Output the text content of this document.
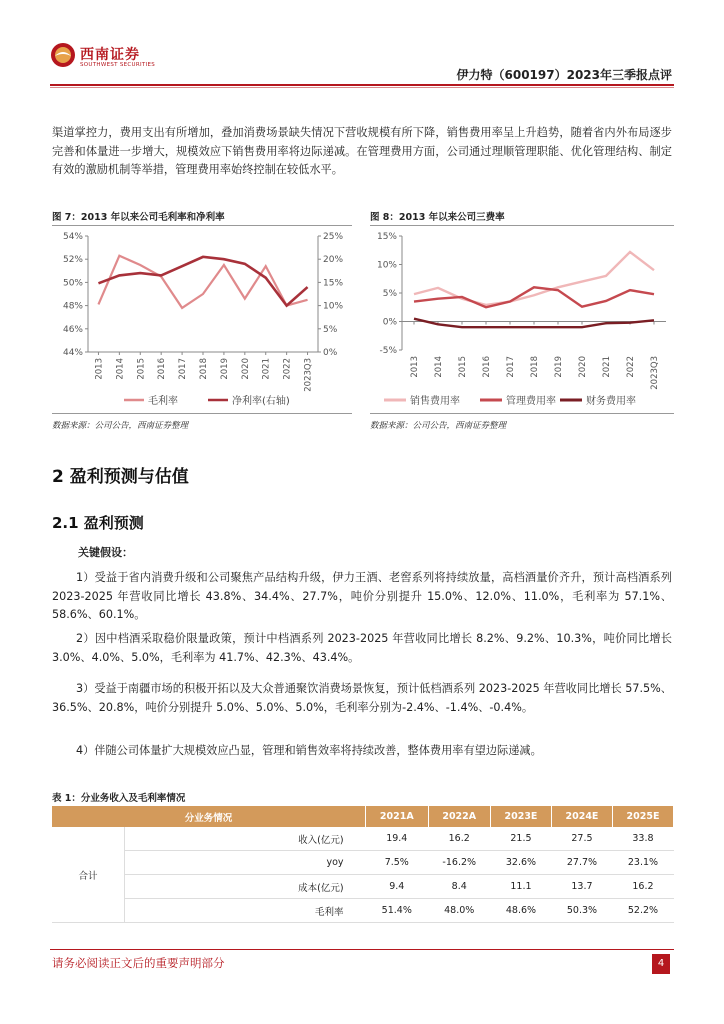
西南证券
SOUTHWEST SECURITIES
伊力特（600197）2023年三季报点评
渠道掌控力，费用支出有所增加，叠加消费场景缺失情况下营收规模有所下降，销售费用率呈上升趋势，随着省内外布局逐步完善和体量进一步增大，规模效应下销售费用率将边际递减。在管理费用方面，公司通过理顺管理职能、优化管理结构、制定有效的激励机制等举措，管理费用率始终控制在较低水平。
图 7：2013 年以来公司毛利率和净利率	图 8：2013 年以来公司三费率
44%
46%
48%
50%
52%
54%
0%
5%
10%
15%
20%
25%
2013 2014 2015 2016 2017 2018 2019 2020 2021 2022 2023Q3
毛利率	净利率(右轴)
-5%
0%
5%
10%
15%
2013 2014 2015 2016 2017 2018 2019 2020 2021 2022 2023Q3
销售费用率	管理费用率	财务费用率
数据来源：公司公告，西南证券整理	数据来源：公司公告，西南证券整理
2 盈利预测与估值
2.1 盈利预测
关键假设：
1）受益于省内消费升级和公司聚焦产品结构升级，伊力王酒、老窖系列将持续放量，高档酒量价齐升，预计高档酒系列 2023-2025 年营收同比增长 43.8%、34.4%、27.7%，吨价分别提升 15.0%、12.0%、11.0%，毛利率为 57.1%、58.6%、60.1%。
2）因中档酒采取稳价限量政策，预计中档酒系列 2023-2025 年营收同比增长 8.2%、9.2%、10.3%，吨价同比增长 3.0%、4.0%、5.0%，毛利率为 41.7%、42.3%、43.4%。
3）受益于南疆市场的积极开拓以及大众普通聚饮消费场景恢复，预计低档酒系列 2023-2025 年营收同比增长 57.5%、36.5%、20.8%，吨价分别提升 5.0%、5.0%、5.0%，毛利率分别为-2.4%、-1.4%、-0.4%。
4）伴随公司体量扩大规模效应凸显，管理和销售效率将持续改善，整体费用率有望边际递减。
表 1：分业务收入及毛利率情况
分业务情况		2021A	2022A	2023E	2024E	2025E
合计	收入(亿元)	19.4	16.2	21.5	27.5	33.8
	yoy	7.5%	-16.2%	32.6%	27.7%	23.1%
	成本(亿元)	9.4	8.4	11.1	13.7	16.2
	毛利率	51.4%	48.0%	48.6%	50.3%	52.2%
请务必阅读正文后的重要声明部分	4
